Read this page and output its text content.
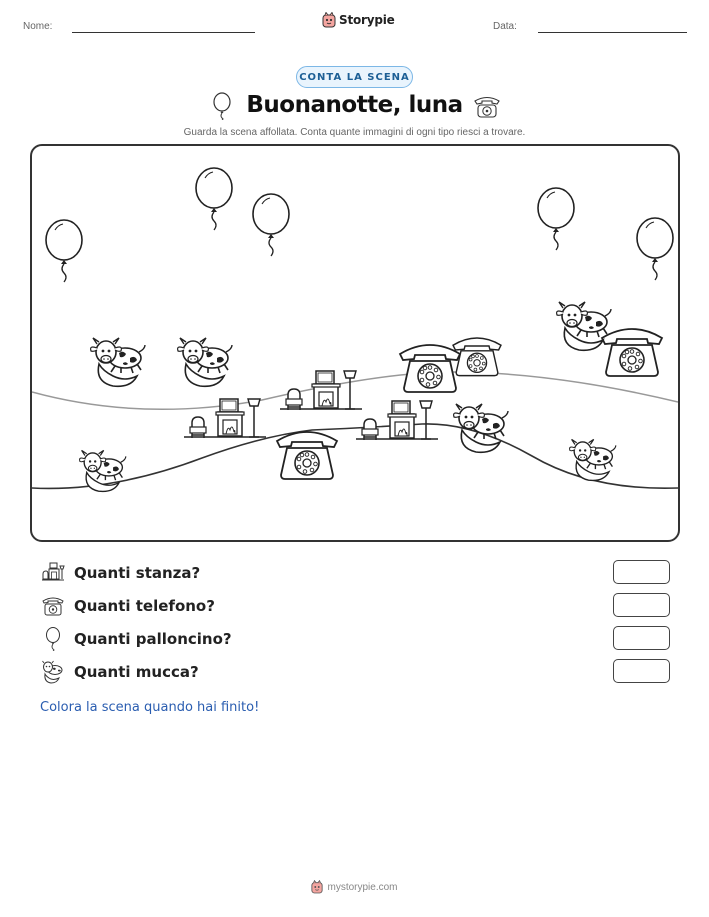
Nome:	Storypie	Data:
CONTA LA SCENA
Buonanotte, luna
Guarda la scena affollata. Conta quante immagini di ogni tipo riesci a trovare.
Quanti stanza?
Quanti telefono?
Quanti palloncino?
Quanti mucca?
Colora la scena quando hai finito!
mystorypie.com
